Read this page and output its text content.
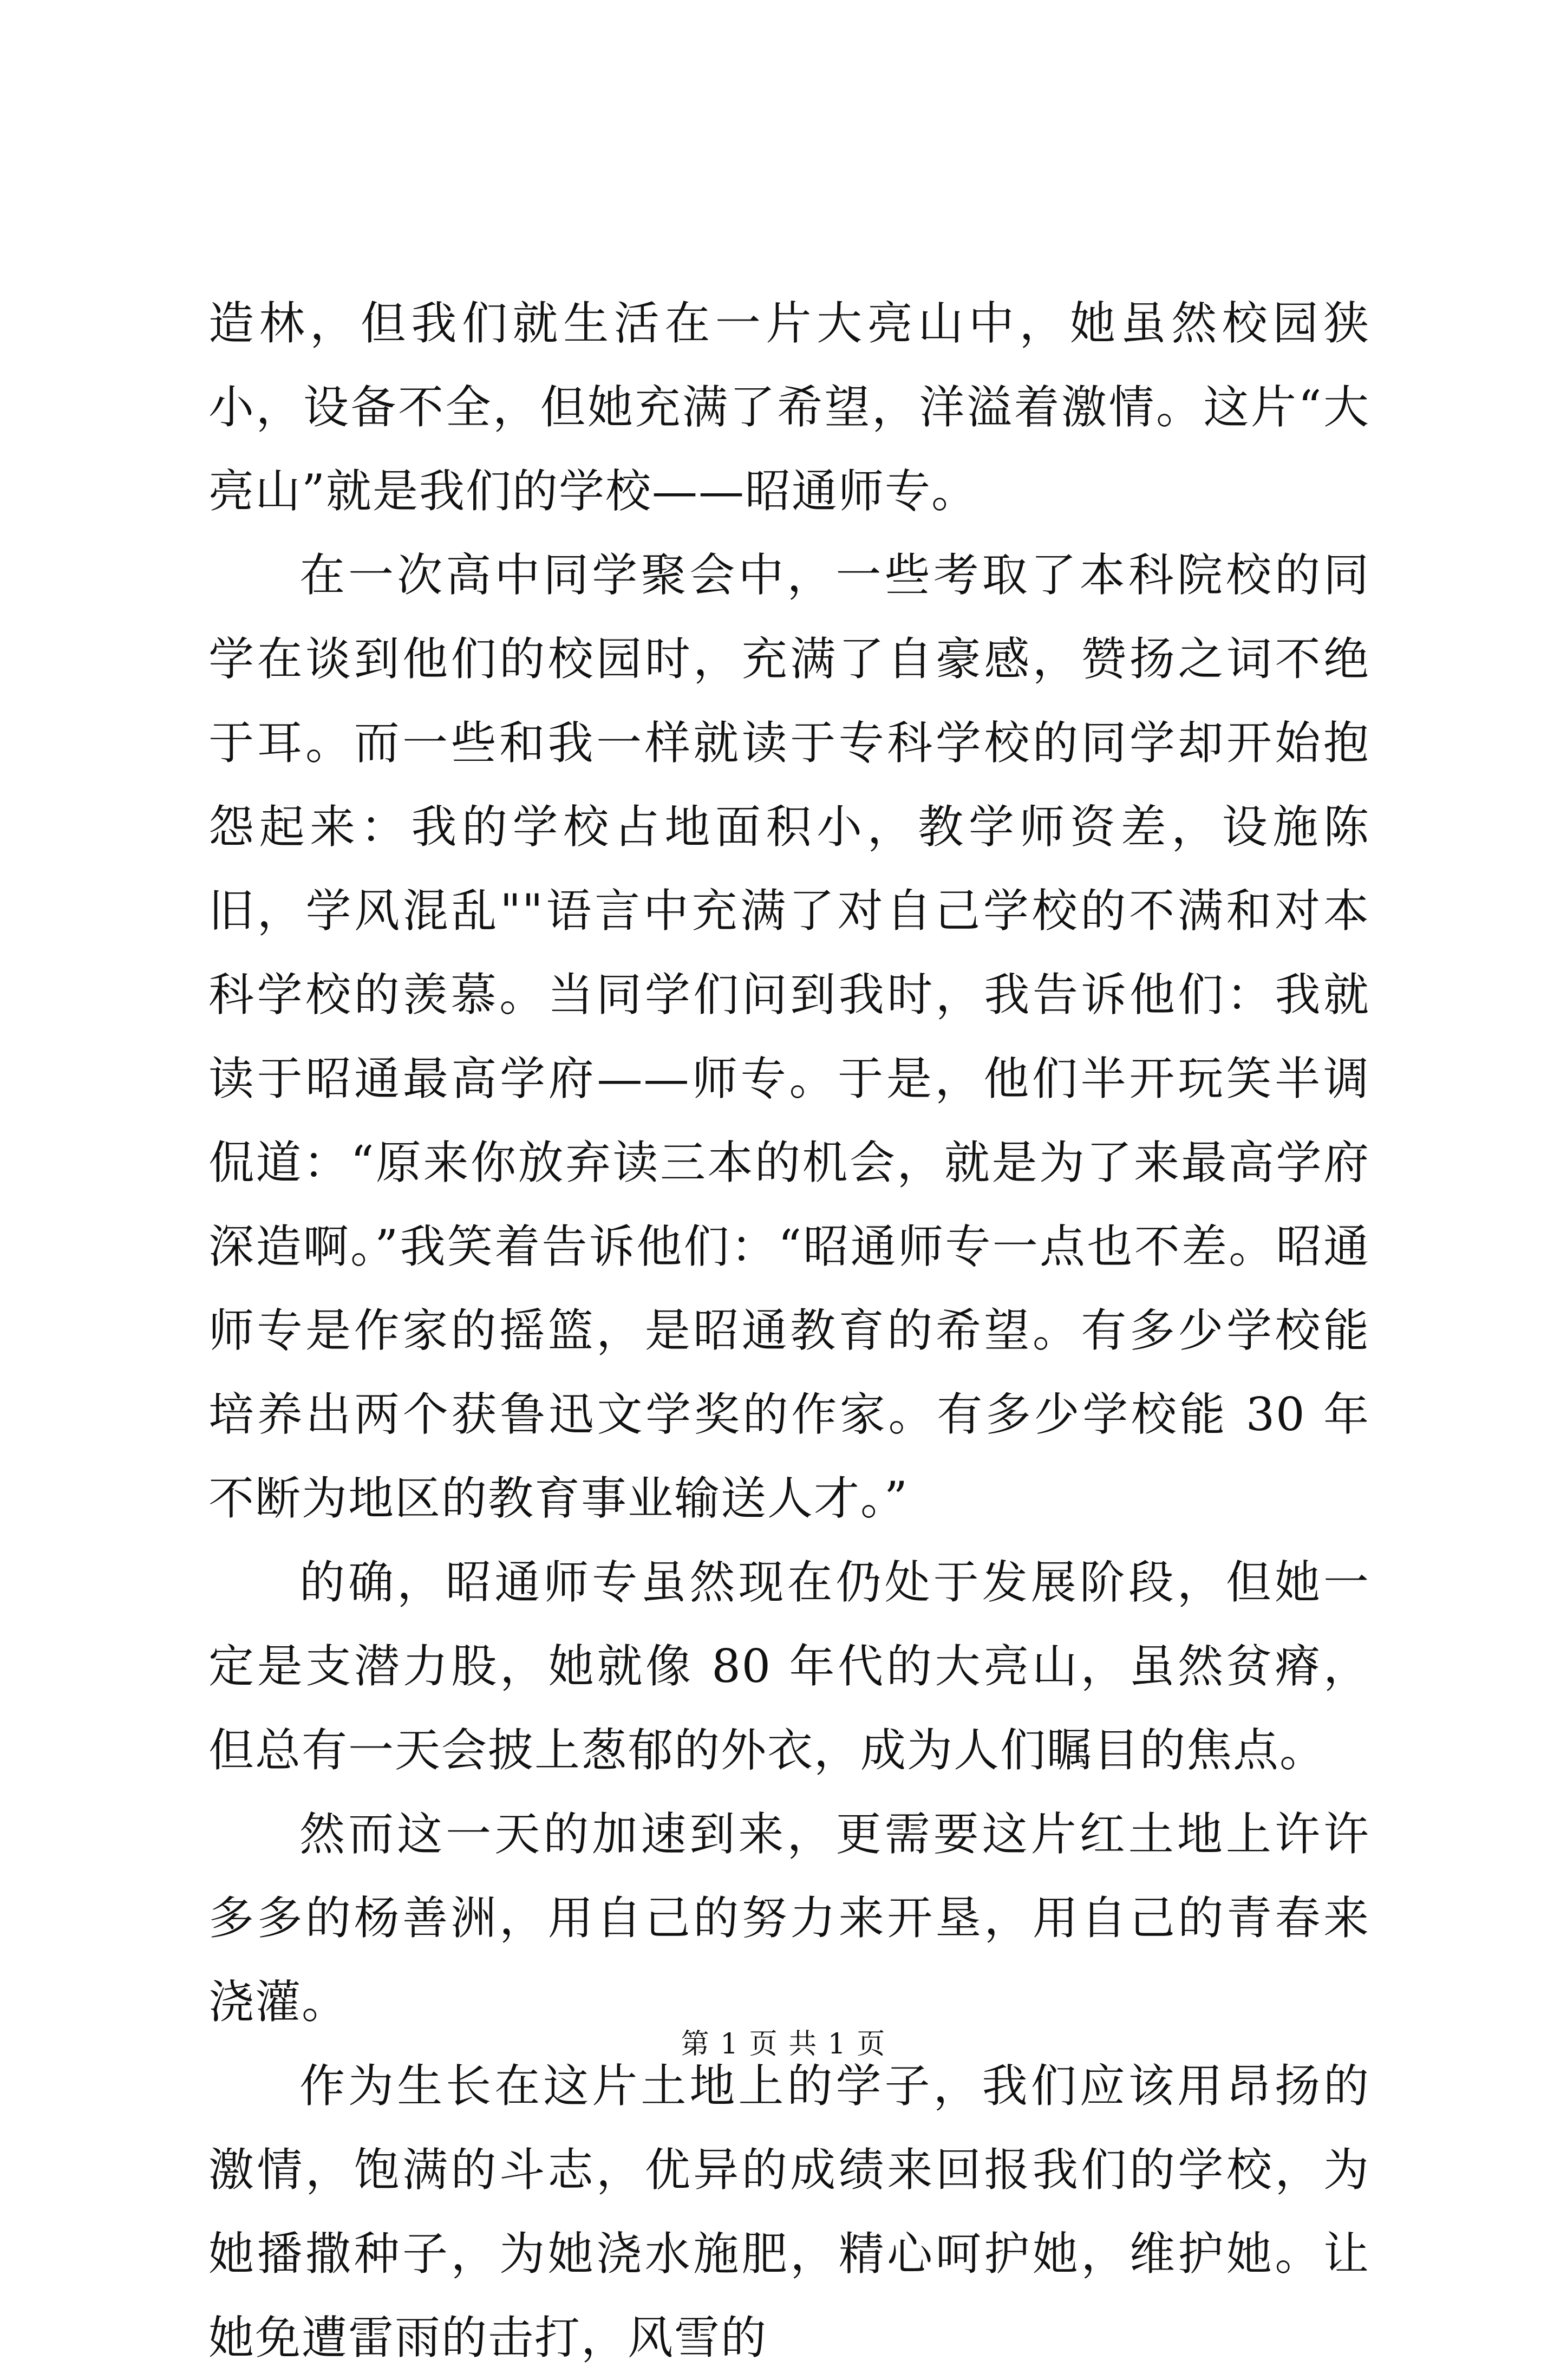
造林，但我们就生活在一片大亮山中，她虽然校园狭小，设备不全，但她充满了希望，洋溢着激情。这片“大亮山”就是我们的学校——昭通师专。

在一次高中同学聚会中，一些考取了本科院校的同学在谈到他们的校园时，充满了自豪感，赞扬之词不绝于耳。而一些和我一样就读于专科学校的同学却开始抱怨起来：我的学校占地面积小，教学师资差，设施陈旧，学风混乱""语言中充满了对自己学校的不满和对本科学校的羡慕。当同学们问到我时，我告诉他们：我就读于昭通最高学府——师专。于是，他们半开玩笑半调侃道：“原来你放弃读三本的机会，就是为了来最高学府深造啊。”我笑着告诉他们：“昭通师专一点也不差。昭通师专是作家的摇篮，是昭通教育的希望。有多少学校能培养出两个获鲁迅文学奖的作家。有多少学校能 30 年不断为地区的教育事业输送人才。”

的确，昭通师专虽然现在仍处于发展阶段，但她一定是支潜力股，她就像 80 年代的大亮山，虽然贫瘠，但总有一天会披上葱郁的外衣，成为人们瞩目的焦点。

然而这一天的加速到来，更需要这片红土地上许许多多的杨善洲，用自己的努力来开垦，用自己的青春来浇灌。

作为生长在这片土地上的学子，我们应该用昂扬的激情，饱满的斗志，优异的成绩来回报我们的学校，为她播撒种子，为她浇水施肥，精心呵护她，维护她。让她免遭雷雨的击打，风雪的

第 1 页 共 1 页
